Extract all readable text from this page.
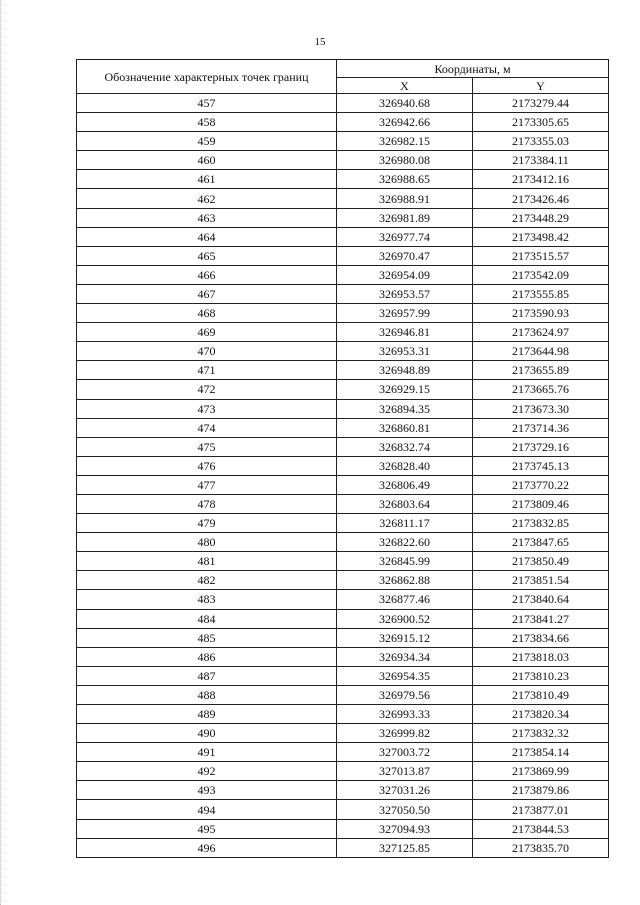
15
Обозначение характерных точек границ	Координаты, м	
	X	Y
457	326940.68	2173279.44
458	326942.66	2173305.65
459	326982.15	2173355.03
460	326980.08	2173384.11
461	326988.65	2173412.16
462	326988.91	2173426.46
463	326981.89	2173448.29
464	326977.74	2173498.42
465	326970.47	2173515.57
466	326954.09	2173542.09
467	326953.57	2173555.85
468	326957.99	2173590.93
469	326946.81	2173624.97
470	326953.31	2173644.98
471	326948.89	2173655.89
472	326929.15	2173665.76
473	326894.35	2173673.30
474	326860.81	2173714.36
475	326832.74	2173729.16
476	326828.40	2173745.13
477	326806.49	2173770.22
478	326803.64	2173809.46
479	326811.17	2173832.85
480	326822.60	2173847.65
481	326845.99	2173850.49
482	326862.88	2173851.54
483	326877.46	2173840.64
484	326900.52	2173841.27
485	326915.12	2173834.66
486	326934.34	2173818.03
487	326954.35	2173810.23
488	326979.56	2173810.49
489	326993.33	2173820.34
490	326999.82	2173832.32
491	327003.72	2173854.14
492	327013.87	2173869.99
493	327031.26	2173879.86
494	327050.50	2173877.01
495	327094.93	2173844.53
496	327125.85	2173835.70
